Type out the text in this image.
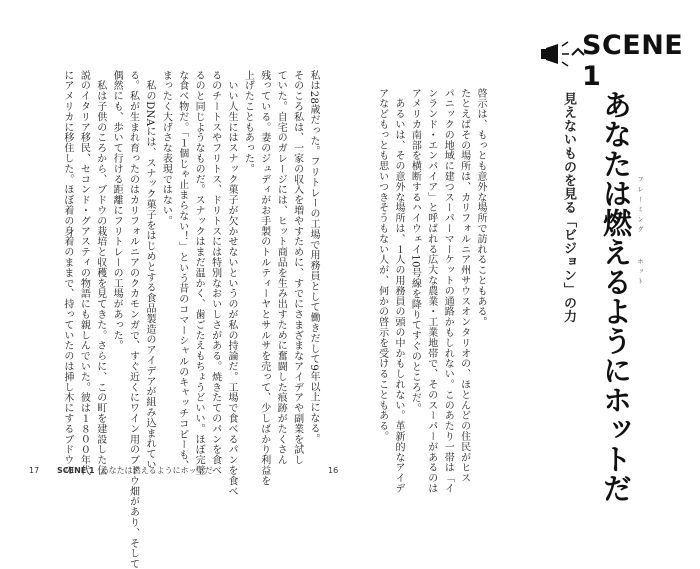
私は28歳だった。フリトレーの工場で用務員として働きだして9年以上になる。
そのころ私は、一家の収入を増やすために、すでにさまざまなアイデアや副業を試し
ていた。自宅のガレージには、ヒット商品を生み出すために奮闘した痕跡がたくさん
残っている。妻のジュディがお手製のトルティーヤとサルサを売って、少しばかり利益を
上げたこともあった。
　いい人生にはスナック菓子が欠かせないというのが私の持論だ。工場で食べるパンを食べ
るのチートスやフリトス、ドリトスには特別なおいしさがある。焼きたてのパンを食べ
るのと同じようなものだ。スナックはまだ温かく、歯ごたえもちょうどいい。ほぼ完璧
な食べ物だ。「１個じゃ止まらない！」という昔のコマーシャルのキャッチコピーも、
まったく大げさな表現ではない。
　私のDNAには、スナック菓子をはじめとする食品製造のアイデアが組み込まれてい
る。私が生まれ育ったのはカリフォルニアのクカモンガで、すぐ近くにワイン用のブドウ畑があり、そして
偶然にも、歩いて行ける距離にフリトレーの工場があった。
　私は子供のころから、ブドウの栽培と収穫を見てきた。さらに、この町を建設した伝
説のイタリア移民、セコンド・グアスティの物語にも親しんでいた。彼は１８００年代
にアメリカに移住した。ほぼ着の身着のままで、持っていたのは挿し木にするブドウの
17 SCENE 1 あなたは燃えるようにホットだ
啓示は、もっとも意外な場所で訪れることもある。
たとえばその場所は、カリフォルニア州サウスオンタリオの、ほとんどの住民がヒス
パニックの地域に建つスーパーマーケットの通路かもしれない。このあたり一帯は「イ
ンランド・エンパイア」と呼ばれる広大な農業・工業地帯で、そのスーパーがあるのは
アメリカ南部を横断するハイウェイ10号線を降りてすぐのところだ。
　あるいは、その意外な場所は、１人の用務員の頭の中かもしれない。革新的なアイデ
アなどもっとも思いつきそうもない人が、何かの啓示を受けることもある。
SCENE 1
あなたは燃えるようにホットだ フレーミング
ホット
見えないものを見る「ビジョン」の力
16
